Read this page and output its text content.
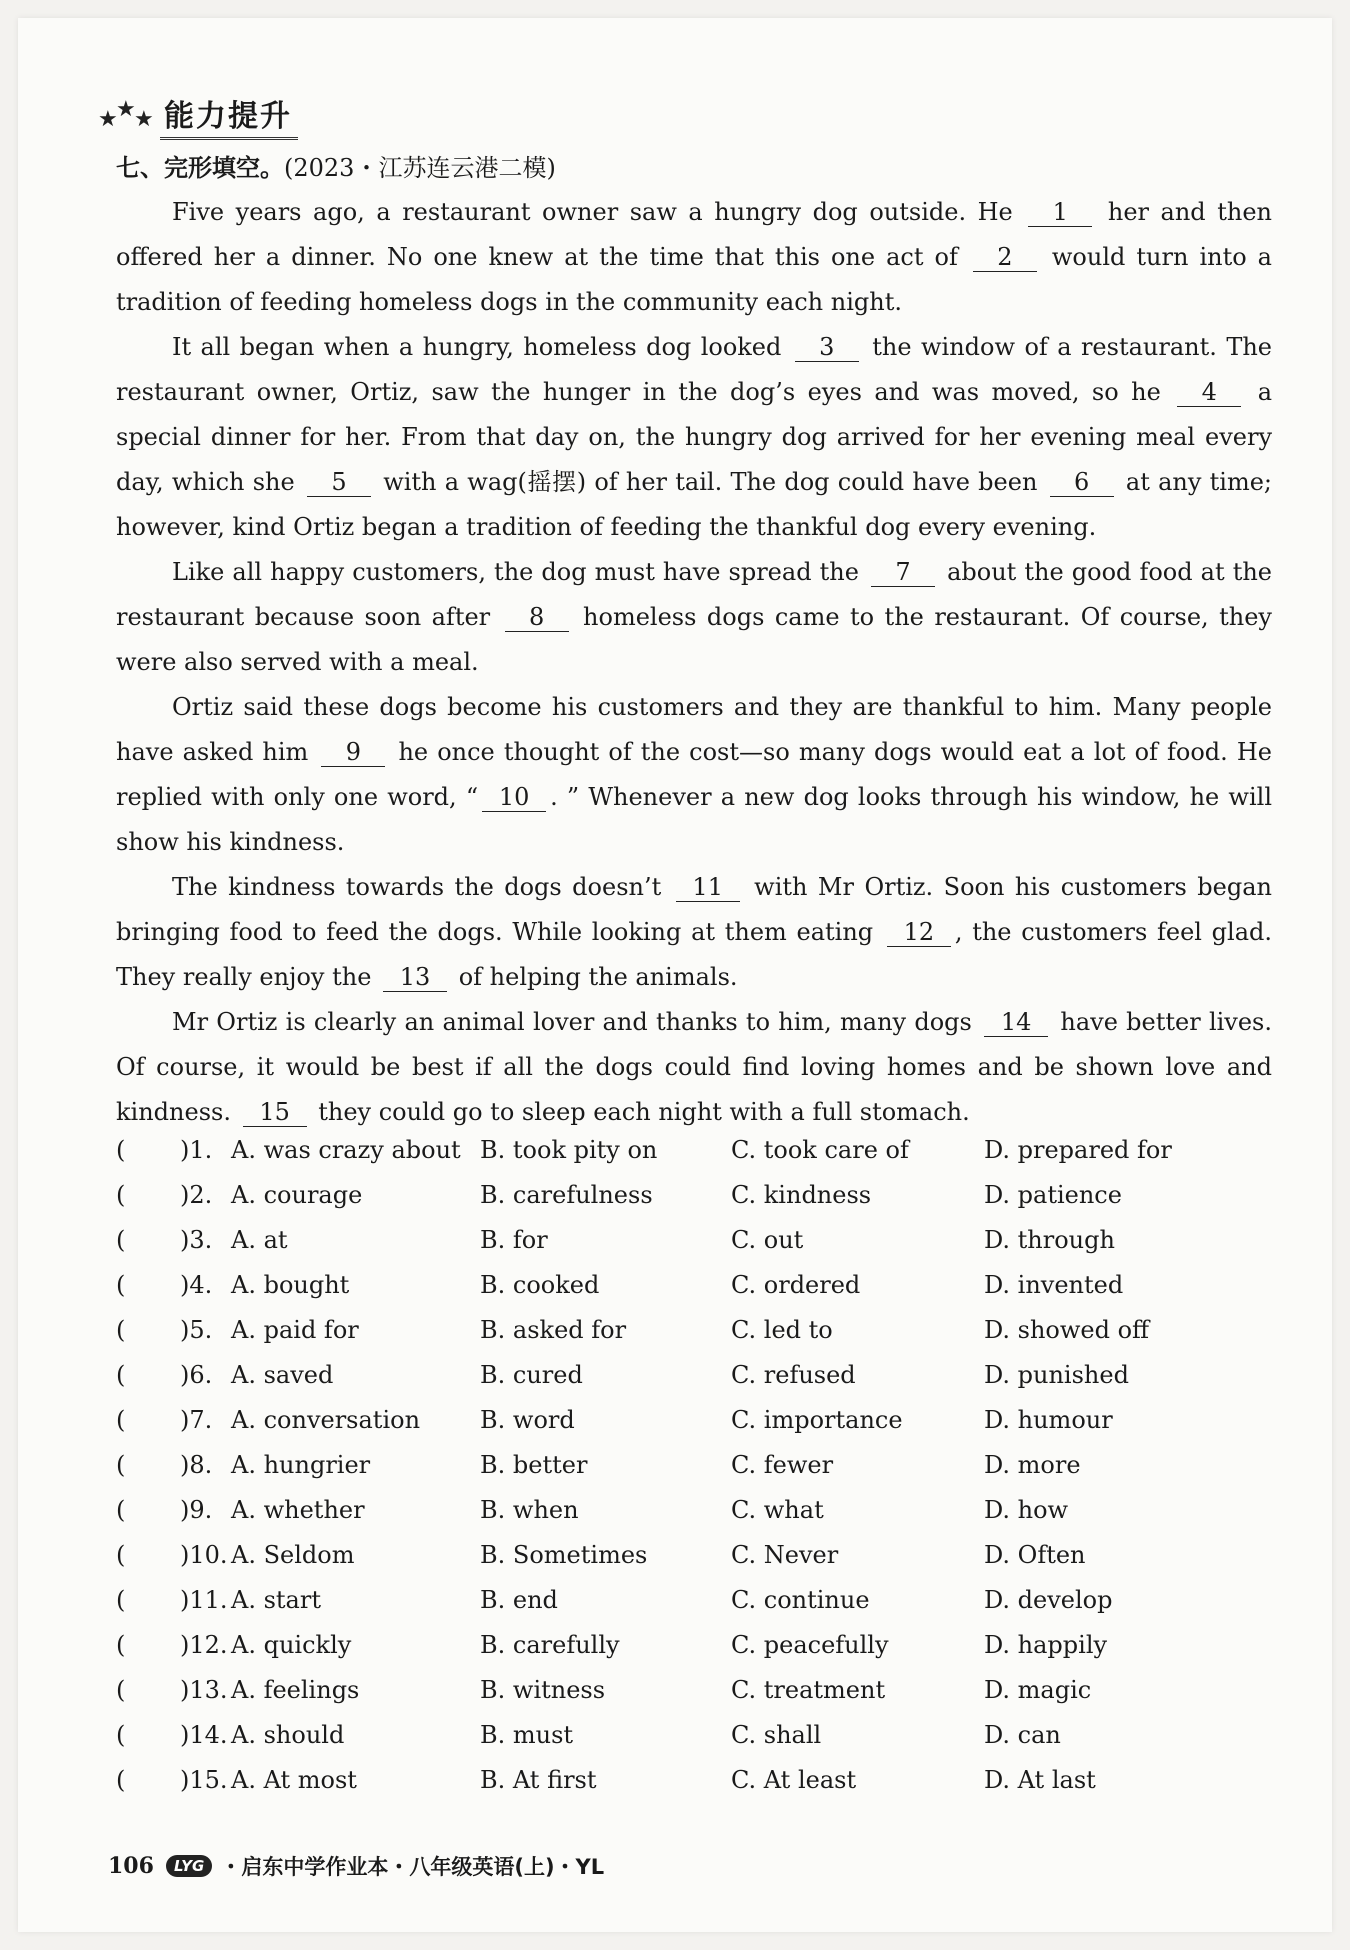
★
★
★ 能力提升
七、完形填空。(2023・江苏连云港二模)

Five years ago, a restaurant owner saw a hungry dog outside. He 1 her and then offered her a dinner. No one knew at the time that this one act of 2 would turn into a tradition of feeding homeless dogs in the community each night.

It all began when a hungry, homeless dog looked 3 the window of a restaurant. The restaurant owner, Ortiz, saw the hunger in the dog’s eyes and was moved, so he 4 a special dinner for her. From that day on, the hungry dog arrived for her evening meal every day, which she 5 with a wag(摇摆) of her tail. The dog could have been 6 at any time; however, kind Ortiz began a tradition of feeding the thankful dog every evening.

Like all happy customers, the dog must have spread the 7 about the good food at the restaurant because soon after 8 homeless dogs came to the restaurant. Of course, they were also served with a meal.

Ortiz said these dogs become his customers and they are thankful to him. Many people have asked him 9 he once thought of the cost—so many dogs would eat a lot of food. He replied with only one word, “ 10 . ” Whenever a new dog looks through his window, he will show his kindness.

The kindness towards the dogs doesn’t 11 with Mr Ortiz. Soon his customers began bringing food to feed the dogs. While looking at them eating 12 , the customers feel glad. They really enjoy the 13 of helping the animals.

Mr Ortiz is clearly an animal lover and thanks to him, many dogs 14 have better lives. Of course, it would be best if all the dogs could find loving homes and be shown love and kindness. 15 they could go to sleep each night with a full stomach.

( )1. A. was crazy about B. took pity on	C. took care of	D. prepared for
( )2. A. courage	B. carefulness	C. kindness	D. patience
( )3. A. at	B. for	C. out	D. through
( )4. A. bought	B. cooked	C. ordered	D. invented
( )5. A. paid for	B. asked for	C. led to	D. showed off
( )6. A. saved	B. cured	C. refused	D. punished
( )7. A. conversation B. word	C. importance	D. humour
( )8. A. hungrier	B. better	C. fewer	D. more
( )9. A. whether	B. when	C. what	D. how
( )10. A. Seldom	B. Sometimes	C. Never	D. Often
( )11. A. start	B. end	C. continue	D. develop
( )12. A. quickly	B. carefully	C. peacefully	D. happily
( )13. A. feelings	B. witness	C. treatment	D. magic
( )14. A. should	B. must	C. shall	D. can
( )15. A. At most	B. At first	C. At least	D. At last
106	LYG ・启东中学作业本・八年级英语(上)・YL
